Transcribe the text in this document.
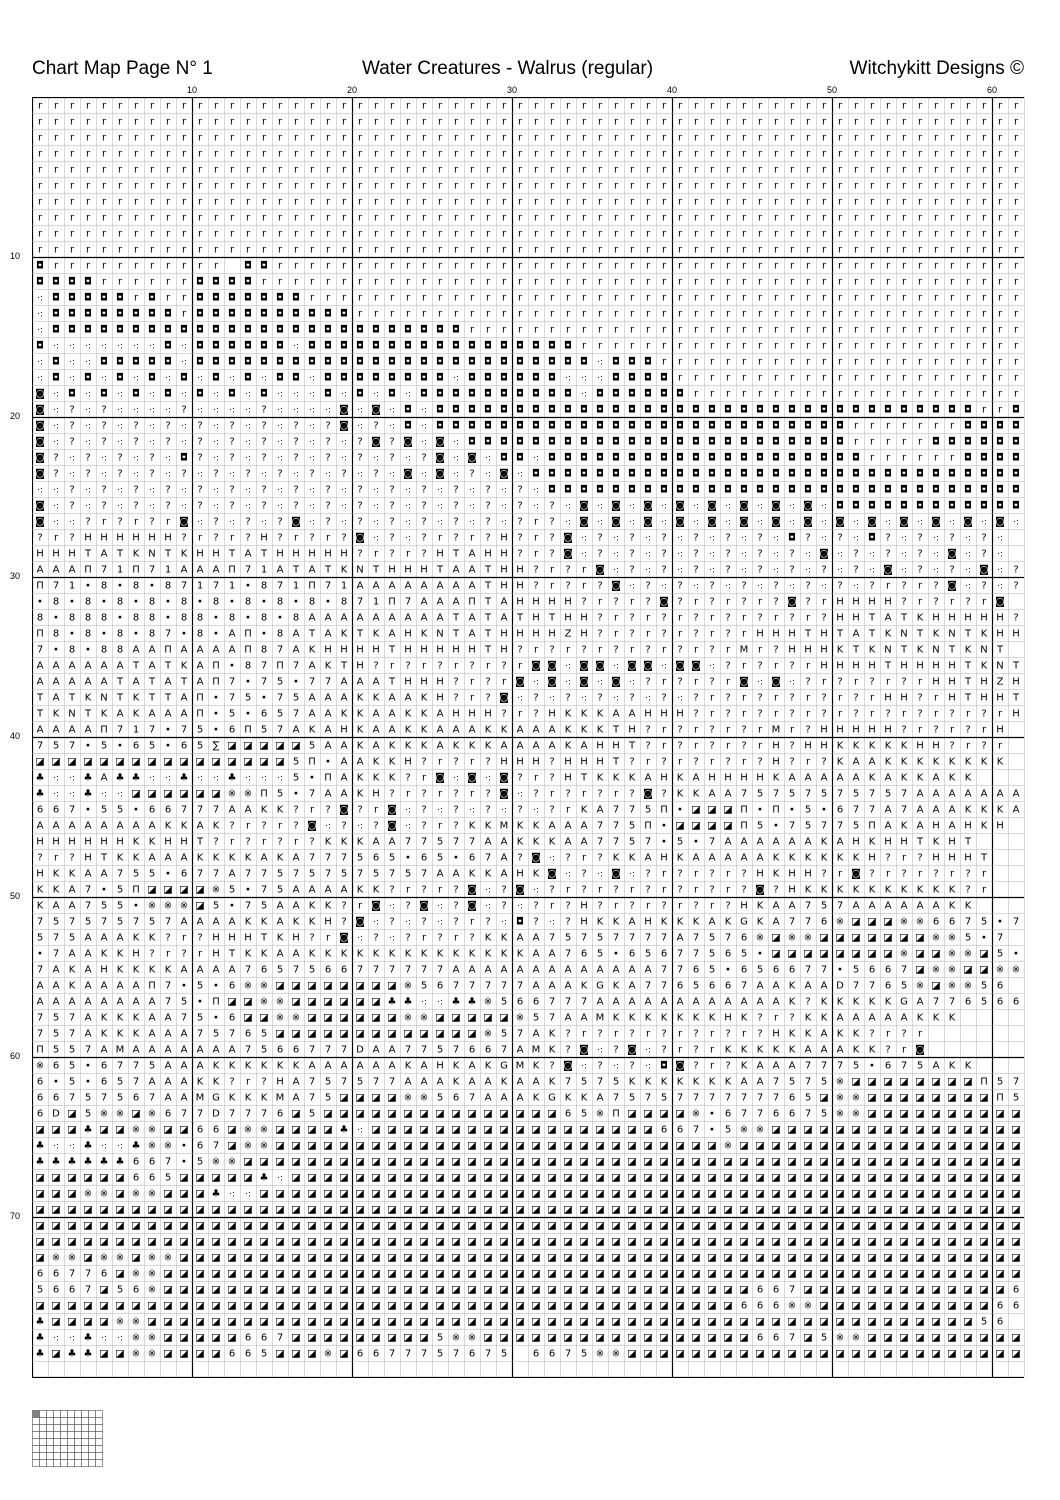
Chart Map Page N° 1	Water Creatures - Walrus (regular)	Witchykitt Designs ©
10	20	30	40	50	60
10
20
30
40
50
60
70
r r r r r r r r r r r r r r r r r r r r r r r r r r r r r r r r r r r r r r r r r r r r r r r r r r r r r r r r r r r r r r
r r r r r r r r r r r r r r r r r r r r r r r r r r r r r r r r r r r r r r r r r r r r r r r r r r r r r r r r r r r r r r
r r r r r r r r r r r r r r r r r r r r r r r r r r r r r r r r r r r r r r r r r r r r r r r r r r r r r r r r r r r r r r
r r r r r r r r r r r r r r r r r r r r r r r r r r r r r r r r r r r r r r r r r r r r r r r r r r r r r r r r r r r r r r
r r r r r r r r r r r r r r r r r r r r r r r r r r r r r r r r r r r r r r r r r r r r r r r r r r r r r r r r r r r r r r
r r r r r r r r r r r r r r r r r r r r r r r r r r r r r r r r r r r r r r r r r r r r r r r r r r r r r r r r r r r r r r
r r r r r r r r r r r r r r r r r r r r r r r r r r r r r r r r r r r r r r r r r r r r r r r r r r r r r r r r r r r r r r
r r r r r r r r r r r r r r r r r r r r r r r r r r r r r r r r r r r r r r r r r r r r r r r r r r r r r r r r r r r r r r
r r r r r r r r r r r r r r r r r r r r r r r r r r r r r r r r r r r r r r r r r r r r r r r r r r r r r r r r r r r r r r
r r r r r r r r r r r r r r r r r r r r r r r r r r r r r r r r r r r r r r r r r r r r r r r r r r r r r r r r r r r r r r
◘ r r r r r r r r r r r	◘ ◘ r r r r r r r r r r r r r r r r r r r r r r r r r r r r r r r r r r r r r r r r r r r r r r r
◘ ◘ ◘ ◘ r r r r r r ◘ ◘ ◘ ◘ r r r r r r r r r r r r r r r r r r r r r r r r r r r r r r r r r r r r r r r r r r r r r r r r
·: ◘ ◘ ◘ ◘ ◘ r ◘ r r ◘ ◘ ◘ ◘ ◘ ◘ ◘ r r r r r r r r r r r r r r r r r r r r r r r r r r r r r r r r r r r r r r r r r r r r r
·: ◘ ◘ ◘ ◘ ◘ ◘ ◘ ◘ r ◘ ◘ ◘ ◘ ◘ ◘ ◘ ◘ ◘ ◘ r r r r r r r r r r r r r r r r r r r r r r r r r r r r r r r r r r r r r r r r r r
·: ◘ ◘ ◘ ◘ ◘ ◘ ◘ ◘ ◘ ◘ ◘ ◘ ◘ ◘ ◘ ◘ ◘ ◘ ◘ ◘ ◘ ◘ ◘ ◘ ◘ ◘ r r r r r r r r r r r r r r r r r r r r r r r r r r r r r r r r r r r
◘ ·: ·: ·: ·: ·: ·: ·: ◘ ·: ◘ ◘ ◘ ◘ ◘ ◘ ·: ◘ ◘ ◘ ◘ ◘ ◘ ◘ ◘ ◘ ◘ ◘ ◘ ◘ ◘ ◘ ◘ ◘ r r r r r r r r r r r r r r r r r r r r r r r r r r r r
·: ◘ ·: ·: ◘ ◘ ◘ ◘ ◘ ·: ◘ ◘ ◘ ◘ ◘ ◘ ◘ ◘ ◘ ◘ ◘ ◘ ◘ ◘ ◘ ◘ ◘ ◘ ◘ ◘ ◘ ◘ ◘ ◘ ◘ ·: ◘ ◘ ◘ r r r r r r r r r r r r r r r r r r r r r r r
·: ◘ ·: ◘ ·: ◘ ·: ◘ ·: ◘ ·: ◘ ·: ◘ ·: ◘ ◘ ·: ◘ ◘ ◘ ◘ ◘ ◘ ◘ ◘ ·: ◘ ◘ ◘ ◘ ◘ ◘ ·: ·: ·: ◘ ◘ ◘ ◘ r r r r r r r r r r r r r r r r r r r r r r
◙ ·: ◘ ·: ◘ ·: ◘ ·: ◘ ·: ◘ ·: ◘ ·: ◘ ·: ·: ·: ◘ ·: ◘ ·: ◘ ·: ◘ ◘ ◘ ◘ ◘ ◘ ◘ ◘ ◘ ◘ ·: ◘ ◘ ◘ ◘ ◘ ◘ r r r r r r r r r r r r r r r r r r r r r
◙ ·: ? ·: ? ·: ·: ·: ·: ? ·: ·: ·: ·: ? ·: ·: ·: ·: ◙ ·: ◙ ·: ◘ ·: ◘ ◘ ◘ ◘ ◘ ◘ ◘ ◘ ◘ ◘ ◘ ◘ ◘ ◘ ◘ ◘ ◘ ◘ ◘ ◘ ◘ ◘ ◘ ◘ ◘ ◘ ◘ ◘ ◘ ◘ ◘ ◘ ◘ ◘ r r ◘
◙ ·: ? ·: ? ·: ? ·: ? ·: ? ·: ? ·: ? ·: ? ·: ? ◙ ·: ? ·: ◘ ·: ◘ ◘ ◘ ◘ ◘ ◘ ◘ ◘ ◘ ◘ ◘ ◘ ◘ ◘ ◘ ◘ ◘ ◘ ◘ ◘ ◘ ◘ ◘ ◘ ◘ ◘ r r r r r r r ◘ ◘ ◘ ◘
◙ ·: ? ·: ? ·: ? ·: ? ·: ? ·: ? ·: ? ·: ? ·: ? ·: ? ◙ ? ◙ ·: ◙ ·: ◘ ◘ ◘ ◘ ◘ ◘ ◘ ◘ ◘ ◘ ◘ ◘ ◘ ◘ ◘ ◘ ◘ ◘ ◘ ◘ ◘ ◘ ◘ ◘ r r r r r ◘ ◘ ◘ ◘ ◘ ◘
◙ ? ·: ? ·: ? ·: ? ·: ◘ ? ·: ? ·: ? ·: ? ·: ? ·: ? ·: ? ·: ? ◙ ·: ◙ ·: ◘ ◘ ·: ◘ ◘ ◘ ◘ ◘ ◘ ◘ ◘ ◘ ◘ ◘ ◘ ◘ ◘ ◘ ◘ ◘ ◘ ◘ ◘ r r r r r r ◘ ◘ ◘ ◘
◙ ? ·: ? ·: ? ·: ? ·: ? ·: ? ·: ? ·: ? ·: ? ·: ? ·: ? ·: ◙ ·: ◙ ·: ? ·: ◙ ·: ◘ ◘ ◘ ◘ ◘ ◘ ◘ ◘ ◘ ◘ ◘ ◘ ◘ ◘ ◘ ◘ ◘ ◘ ◘ ◘ ◘ ◘ ◘ ◘ ◘ ◘ ◘ ◘ ◘ ◘ ◘
·: ·: ? ·: ? ·: ? ·: ? ·: ? ·: ? ·: ? ·: ? ·: ? ·: ? ·: ? ·: ? ·: ? ·: ? ·: ? ·: ◘ ◘ ◘ ◘ ◘ ◘ ◘ ◘ ◘ ◘ ◘ ◘ ◘ ◘ ◘ ◘ ◘ ◘ ◘ ◘ ◘ ◘ ◘ ◘ ◘ ◘ ◘ ◘ ◘ ◘
◙ ·: ? ·: ? ·: ? ·: ? ·: ? ·: ? ·: ? ·: ? ·: ? ·: ? ·: ? ·: ? ·: ? ·: ? ·: ? ·: ? ·: ◙ ·: ◙ ·: ◙ ·: ◙ ·: ◙ ·: ◙ ·: ◙ ·: ◙ ·: ◘ ◘ ◘ ◘ ◘ ◘ ◘ ◘ ◘ ◘ ◘ ◘
◙ ·: ·: ? r ? r ? r ◙ ·: ? ·: ? ·: ? ◙ ·: ? ·: ? ·: ? ·: ? ·: ? ·: ? ·: ? r ? ·: ◙ ·: ◙ ·: ◙ ·: ◙ ·: ◙ ·: ◙ ·: ◙ ·: ◙ ·: ◙ ·: ◙ ·: ◙ ·: ◙ ·: ◙ ·: ◙ ·:
? r ? H H H H H H ? r ? r ? H ? r ? r ? ◙ ·: ? ·: ? r ? r ? H ? r ? ◙ ·: ? ·: ? ·: ? ·: ? ·: ? ·: ? ·: ◘ ? ·: ? ·: ◘ ? ·: ? ·: ? ·: ? ·:
H H H T A T K N T K H H T A T H H H H H ? r ? r ? H T A H H ? r ? ◙ ·: ? ·: ? ·: ? ·: ? ·: ? ·: ? ·: ? ·: ◙ ·: ? ·: ? ·: ? ·: ◙ ·: ? ·:
A A A Π 7 1 Π 7 1 A A A Π 7 1 A T A T K N T H H H T A A T H H ? r ? r ◙ ·: ? ·: ? ·: ? ·: ? ·: ? ·: ? ·: ? ·: ? ·: ◙ ·: ? ·: ? ·: ◙ ·: ?
Π 7 1 • 8 • 8 • 8 7 1 7 1 • 8 7 1 Π 7 1 A A A A A A A A T H H ? r ? r ? ◙ ·: ? ·: ? ·: ? ·: ? ·: ? ·: ? ·: ? ·: ? r ? r ? ◙ ·: ? ·: ?
• 8 • 8 • 8 • 8 • 8 • 8 • 8 • 8 • 8 • 8 7 1 Π 7 A A A Π T A H H H H ? r ? r ? ◙ ? r ? r ? r ? ◙ ? r H H H H ? r ? r ? r ◙
8 • 8 8 8 • 8 8 • 8 8 • 8 • 8 • 8 A A A A A A A A A T A T A T H T H H ? r ? r ? r ? r ? r ? r ? r ? H H T A T K H H H H H ?
Π 8 • 8 • 8 • 8 7 • 8 • A Π • 8 A T A K T K A H K N T A T H H H H Z H ? r ? r ? r ? r ? r H H H T H T A T K N T K N T K H H
7 • 8 • 8 8 A A Π A A A A Π 8 7 A K H H H H T H H H H H T H ? r ? r ? r ? r ? r ? r ? r M r ? H H H K T K N T K N T K N T
A A A A A A T A T K A Π • 8 7 Π 7 A K T H ? r ? r ? r ? r ? r ◙ ◙ ·: ◙ ◙ ·: ◙ ◙ ·: ◙ ◙ ·: ? r ? r ? r H H H H T H H H H T K N T
A A A A A T A T A T A Π 7 • 7 5 • 7 7 A A A T H H H ? r ? r ◙ ·: ◙ ·: ◙ ·: ◙ ·: ? r ? r ? r ◙ ·: ◙ ·: ? r ? r ? r ? r H H T H Z H
T A T K N T K T T A Π • 7 5 • 7 5 A A A K K A A K H ? r ? ◙ ·: ? ·: ? ·: ? ·: ? ·: ? ·: ? r ? r ? r ? r ? r ? r H H ? r H T H H T
T K N T K A K A A A Π • 5 • 6 5 7 A A K K A A K K A H H H ? r ? H K K K A A H H H ? r ? r ? r ? r ? r ? r ? r ? r ? r ? r H
A A A A Π 7 1 7 • 7 5 • 6 Π 5 7 A K A H K A A K K A A A K K A A A K K K T H ? r ? r ? r ? r M r ? H H H H H ? r ? r ? r H
7 5 7 • 5 • 6 5 • 6 5 ∑ ◪ ◪ ◪ ◪ ◪ 5 A A K A K K K A K K K A A A A K A H H T ? r ? r ? r ? r H ? H H K K K K K H H ? r ? r
◪ ◪ ◪ ◪ ◪ ◪ ◪ ◪ ◪ ◪ ◪ ◪ ◪ ◪ ◪ ◪ 5 Π • A A K K H ? r ? r ? H H H ? H H H T ? r ? r ? r ? r ? H ? r ? K A A K K K K K K K K
♣ ·: ·: ♣ A ♣ ♣ ·: ·: ♣ ·: ·: ♣ ·: ·: ·: 5 • Π A K K K ? r ◙ ·: ◙ ·: ◙ ? r ? H T K K K A H K A H H H H K A A A A A K A K K A K K
♣ ·: ·: ♣ ·: ·: ◪ ◪ ◪ ◪ ◪ ◪ ※ ※ Π 5 • 7 A A K H ? r ? r ? r ? ◙ ·: ? r ? r ? r ? ◙ ? K K A A 7 5 7 5 7 5 7 5 7 5 7 A A A A A A A
6 6 7 • 5 5 • 6 6 7 7 7 A A K K ? r ? ◙ ? r ◙ ·: ? ·: ? ·: ? ·: ? ·: ? r K A 7 7 5 Π • ◪ ◪ ◪ Π • Π • 5 • 6 7 7 A 7 A A A K K K A
A A A A A A A A K K A K ? r ? r ? ◙ ·: ? ·: ? ◙ ·: ? r ? K K M K K A A A 7 7 5 Π • ◪ ◪ ◪ ◪ Π 5 • 7 5 7 7 5 Π A K A H A H K H
H H H H H H K K H H T ? r ? r ? r ? K K K A A 7 7 5 7 7 A A K K K A A 7 7 5 7 • 5 • 7 A A A A A A K A H K H H T K H T
? r ? H T K K A A A K K K K A K A 7 7 7 5 6 5 • 6 5 • 6 7 A ? ◙ ·: ? r ? K K A H K A A A A A K K K K K K H ? r ? H H H T
H K K A A 7 5 5 • 6 7 7 A 7 7 5 7 5 7 5 7 5 7 5 7 A A K K A H K ◙ ·: ? ·: ◙ ·: ? r ? r ? r ? H K H H ? r ◙ ? r ? r ? r ? r
K K A 7 • 5 Π ◪ ◪ ◪ ◪ ※ 5 • 7 5 A A A A K K ? r ? r ? ◙ ·: ? ◙ ·: ? r ? r ? r ? r ? r ? r ? ◙ ? H K K K K K K K K K K ? r
K A A 7 5 5 • ※ ※ ※ ◪ 5 • 7 5 A A K K ? r ◙ ·: ? ◙ ·: ? ◙ ·: ? ·: ? r ? H ? r ? r ? r ? r ? H K A A 7 5 7 A A A A A A K K
7 5 7 5 7 5 7 5 7 A A A A K K A K K H ? ◙ ·: ? ·: ? ·: ? r ? ·: ◘ ? ·: ? H K K A H K K K A K G K A 7 7 6 ※ ◪ ◪ ◪ ※ ※ 6 6 7 5 • 7
5 7 5 A A A K K ? r ? H H H T K H ? r ◙ ·: ? ·: ? r ? r ? K K A A 7 5 7 5 7 7 7 7 A 7 5 7 6 ※ ◪ ※ ※ ◪ ◪ ◪ ◪ ◪ ◪ ◪ ※ ※ 5 • 7
• 7 A A K K H ? r ? r H T K K A A K K K K K K K K K K K K K K A A 7 6 5 • 6 5 6 7 7 5 6 5 • ◪ ◪ ◪ ◪ ◪ ◪ ◪ ◪ ※ ◪ ◪ ※ ※ ◪ 5 •
7 A K A H K K K K A A A A 7 6 5 7 5 6 6 7 7 7 7 7 7 A A A A A A A A A A A A A 7 7 6 5 • 6 5 6 6 7 7 • 5 6 6 7 ◪ ※ ※ ◪ ◪ ※ ※
A A K A A A A Π 7 • 5 • 6 ※ ※ ◪ ◪ ◪ ◪ ◪ ◪ ◪ ◪ ※ 5 6 7 7 7 7 7 A A A K G K A 7 7 6 5 6 6 7 A A K A A D 7 7 6 5 ※ ◪ ※ ※ 5 6
A A A A A A A A 7 5 • Π ◪ ◪ ※ ※ ◪ ◪ ◪ ◪ ◪ ◪ ♣ ♣ ·: ·: ♣ ♣ ※ 5 6 6 7 7 7 A A A A A A A A A A A A K ? K K K K K G A 7 7 6 5 6 6
7 5 7 A K K K A A 7 5 • 6 ◪ ◪ ※ ※ ◪ ◪ ◪ ◪ ◪ ◪ ※ ※ ◪ ◪ ◪ ◪ ◪ ※ 5 7 A A M K K K K K K K H K ? r ? K K A A A A A K K K
7 5 7 A K K K A A A 7 5 7 6 5 ◪ ◪ ◪ ◪ ◪ ◪ ◪ ◪ ◪ ◪ ◪ ◪ ◪ ※ 5 7 A K ? r ? r ? r ? r ? r ? r ? H K K A K K ? r ? r
Π 5 5 7 A M A A A A A A A 7 5 6 6 7 7 7 D A A 7 7 5 7 6 6 7 A M K ? ◙ ·: ? ◙ ·: ? r ? r K K K K K A A A K K ? r ◙
※ 6 5 • 6 7 7 5 A A A K K K K K K A A A A A A K A H K A K G M K ? ◙ ·: ? ·: ? ·: ◘ ◙ ? r ? K A A A 7 7 7 5 • 6 7 5 A K K
6 • 5 • 6 5 7 A A A K K ? r ? H A 7 5 7 5 7 7 A A A K A A K A A K 7 5 7 5 K K K K K K K A A 7 5 7 5 ※ ◪ ◪ ◪ ◪ ◪ ◪ ◪ ◪ Π 5 7
6 6 7 5 7 5 6 7 A A M G K K K M A 7 5 ◪ ◪ ◪ ◪ ※ ※ 5 6 7 A A A K G K K A 7 5 7 5 7 7 7 7 7 7 7 6 5 ◪ ※ ※ ◪ ◪ ◪ ◪ ◪ ◪ ◪ ◪ Π 5
6 D ◪ 5 ※ ※ ◪ ※ 6 7 7 D 7 7 7 6 ◪ 5 ◪ ◪ ◪ ◪ ◪ ◪ ◪ ◪ ◪ ◪ ◪ ◪ ◪ ◪ ◪ 6 5 ※ Π ◪ ◪ ◪ ◪ ※ • 6 7 7 6 6 7 5 ※ ※ ◪ ◪ ◪ ◪ ◪ ◪ ◪ ◪ ◪ ◪
◪ ◪ ◪ ♣ ◪ ◪ ※ ※ ◪ ◪ 6 6 ◪ ※ ※ ◪ ◪ ◪ ◪ ♣ ·: ◪ ◪ ◪ ◪ ◪ ◪ ◪ ◪ ◪ ◪ ◪ ◪ ◪ ◪ ◪ ◪ ◪ ◪ 6 6 7 • 5 ※ ※ ◪ ◪ ◪ ◪ ◪ ◪ ◪ ◪ ◪ ◪ ◪ ◪ ◪ ◪ ◪ ◪
♣ ·: ·: ♣ ·: ·: ♣ ※ ※ • 6 7 ◪ ※ ※ ◪ ◪ ◪ ◪ ◪ ◪ ◪ ◪ ◪ ◪ ◪ ◪ ◪ ◪ ◪ ◪ ◪ ◪ ◪ ◪ ◪ ◪ ◪ ◪ ◪ ◪ ◪ ◪ ※ ◪ ◪ ◪ ◪ ◪ ◪ ◪ ◪ ◪ ◪ ◪ ◪ ◪ ◪ ◪ ◪ ◪ ◪
♣ ♣ ♣ ♣ ♣ ♣ 6 6 7 • 5 ※ ※ ◪ ◪ ◪ ◪ ◪ ◪ ◪ ◪ ◪ ◪ ◪ ◪ ◪ ◪ ◪ ◪ ◪ ◪ ◪ ◪ ◪ ◪ ◪ ◪ ◪ ◪ ◪ ◪ ◪ ◪ ◪ ◪ ◪ ◪ ◪ ◪ ◪ ◪ ◪ ◪ ◪ ◪ ◪ ◪ ◪ ◪ ◪ ◪ ◪
◪ ◪ ◪ ◪ ◪ ◪ 6 6 5 ◪ ◪ ◪ ◪ ◪ ♣ ·: ◪ ◪ ◪ ◪ ◪ ◪ ◪ ◪ ◪ ◪ ◪ ◪ ◪ ◪ ◪ ◪ ◪ ◪ ◪ ◪ ◪ ◪ ◪ ◪ ◪ ◪ ◪ ◪ ◪ ◪ ◪ ◪ ◪ ◪ ◪ ◪ ◪ ◪ ◪ ◪ ◪ ◪ ◪ ◪ ◪ ◪
◪ ◪ ◪ ※ ※ ◪ ※ ※ ◪ ◪ ◪ ♣ ·: ·: ◪ ◪ ◪ ◪ ◪ ◪ ◪ ◪ ◪ ◪ ◪ ◪ ◪ ◪ ◪ ◪ ◪ ◪ ◪ ◪ ◪ ◪ ◪ ◪ ◪ ◪ ◪ ◪ ◪ ◪ ◪ ◪ ◪ ◪ ◪ ◪ ◪ ◪ ◪ ◪ ◪ ◪ ◪ ◪ ◪ ◪ ◪ ◪
◪ ◪ ◪ ◪ ◪ ◪ ◪ ◪ ◪ ◪ ◪ ◪ ◪ ◪ ◪ ◪ ◪ ◪ ◪ ◪ ◪ ◪ ◪ ◪ ◪ ◪ ◪ ◪ ◪ ◪ ◪ ◪ ◪ ◪ ◪ ◪ ◪ ◪ ◪ ◪ ◪ ◪ ◪ ◪ ◪ ◪ ◪ ◪ ◪ ◪ ◪ ◪ ◪ ◪ ◪ ◪ ◪ ◪ ◪ ◪ ◪ ◪
◪ ◪ ◪ ◪ ◪ ◪ ◪ ◪ ◪ ◪ ◪ ◪ ◪ ◪ ◪ ◪ ◪ ◪ ◪ ◪ ◪ ◪ ◪ ◪ ◪ ◪ ◪ ◪ ◪ ◪ ◪ ◪ ◪ ◪ ◪ ◪ ◪ ◪ ◪ ◪ ◪ ◪ ◪ ◪ ◪ ◪ ◪ ◪ ◪ ◪ ◪ ◪ ◪ ◪ ◪ ◪ ◪ ◪ ◪ ◪ ◪ ◪
◪ ◪ ◪ ◪ ◪ ◪ ◪ ◪ ◪ ◪ ◪ ◪ ◪ ◪ ◪ ◪ ◪ ◪ ◪ ◪ ◪ ◪ ◪ ◪ ◪ ◪ ◪ ◪ ◪ ◪ ◪ ◪ ◪ ◪ ◪ ◪ ◪ ◪ ◪ ◪ ◪ ◪ ◪ ◪ ◪ ◪ ◪ ◪ ◪ ◪ ◪ ◪ ◪ ◪ ◪ ◪ ◪ ◪ ◪ ◪ ◪ ◪
◪ ※ ※ ◪ ※ ※ ◪ ※ ※ ◪ ◪ ◪ ◪ ◪ ◪ ◪ ◪ ◪ ◪ ◪ ◪ ◪ ◪ ◪ ◪ ◪ ◪ ◪ ◪ ◪ ◪ ◪ ◪ ◪ ◪ ◪ ◪ ◪ ◪ ◪ ◪ ◪ ◪ ◪ ◪ ◪ ◪ ◪ ◪ ◪ ◪ ◪ ◪ ◪ ◪ ◪ ◪ ◪ ◪ ◪ ◪ ◪
6 6 7 7 6 ◪ ※ ※ ◪ ◪ ◪ ◪ ◪ ◪ ◪ ◪ ◪ ◪ ◪ ◪ ◪ ◪ ◪ ◪ ◪ ◪ ◪ ◪ ◪ ◪ ◪ ◪ ◪ ◪ ◪ ◪ ◪ ◪ ◪ ◪ ◪ ◪ ◪ ◪ ◪ ◪ ◪ ◪ ◪ ◪ ◪ ◪ ◪ ◪ ◪ ◪ ◪ ◪ ◪ ◪ ◪ ◪
5 6 6 7 ◪ 5 6 ※ ◪ ◪ ◪ ◪ ◪ ◪ ◪ ◪ ◪ ◪ ◪ ◪ ◪ ◪ ◪ ◪ ◪ ◪ ◪ ◪ ◪ ◪ ◪ ◪ ◪ ◪ ◪ ◪ ◪ ◪ ◪ ◪ ◪ ◪ ◪ ◪ ◪ 6 6 7 ◪ ◪ ◪ ◪ ◪ ◪ ◪ ◪ ◪ ◪ ◪ ◪ ◪ 6
◪ ◪ ◪ ◪ ◪ ◪ ◪ ◪ ◪ ◪ ◪ ◪ ◪ ◪ ◪ ◪ ◪ ◪ ◪ ◪ ◪ ◪ ◪ ◪ ◪ ◪ ◪ ◪ ◪ ◪ ◪ ◪ ◪ ◪ ◪ ◪ ◪ ◪ ◪ ◪ ◪ ◪ ◪ ◪ 6 6 6 ※ ※ ◪ ◪ ◪ ◪ ◪ ◪ ◪ ◪ ◪ ◪ ◪ 6 6
♣ ◪ ◪ ◪ ◪ ※ ※ ◪ ◪ ◪ ◪ ◪ ◪ ◪ ◪ ◪ ◪ ◪ ◪ ◪ ◪ ◪ ◪ ◪ ◪ ◪ ◪ ◪ ◪ ◪ ◪ ◪ ◪ ◪ ◪ ◪ ◪ ◪ ◪ ◪ ◪ ◪ ◪ ◪ ◪ ◪ ◪ ◪ ◪ ◪ ◪ ◪ ◪ ◪ ◪ ◪ ◪ ◪ ◪ 5 6
♣ ·: ·: ♣ ·: ·: ※ ※ ◪ ◪ ◪ ◪ ◪ 6 6 7 ◪ ◪ ◪ ◪ ◪ ◪ ◪ ◪ ◪ 5 ※ ※ ◪ ◪ ◪ ◪ ◪ ◪ ◪ ◪ ◪ ◪ ◪ ◪ ◪ ◪ ◪ ◪ ◪ 6 6 7 ◪ 5 ※ ※ ◪ ◪ ◪ ◪ ◪ ◪ ◪ ◪ ◪ ◪
♣ ◪ ♣ ♣ ◪ ◪ ※ ※ ◪ ◪ ◪ ◪ 6 6 5 ◪ ◪ ◪ ※ ◪ 6 6 7 7 7 5 7 6 7 5	6 6 7 5 ※ ※ ◪ ◪ ◪ ◪ ◪ ◪ ◪ ◪ ◪ ◪ ◪ ◪ ◪ ◪ ◪ ◪ ◪ ◪ ◪ ◪ ◪ ◪ ◪ ◪ ◪
